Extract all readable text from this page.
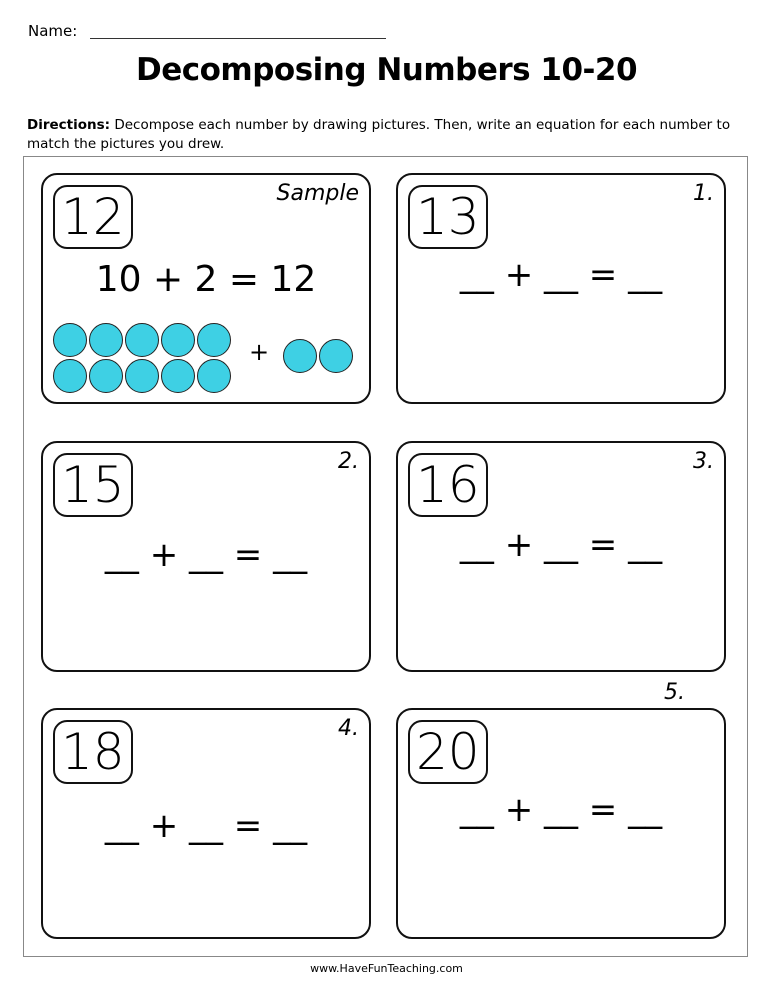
Name:
Decomposing Numbers 10-20
Directions: Decompose each number by drawing pictures. Then, write an equation for each number to match the pictures you drew.
12	Sample
10 + 2 = 12
+
13	1.
__ + __ = __
15	2.
__ + __ = __
16	3.
__ + __ = __
18	4.
__ + __ = __
5.
20
__ + __ = __
www.HaveFunTeaching.com
